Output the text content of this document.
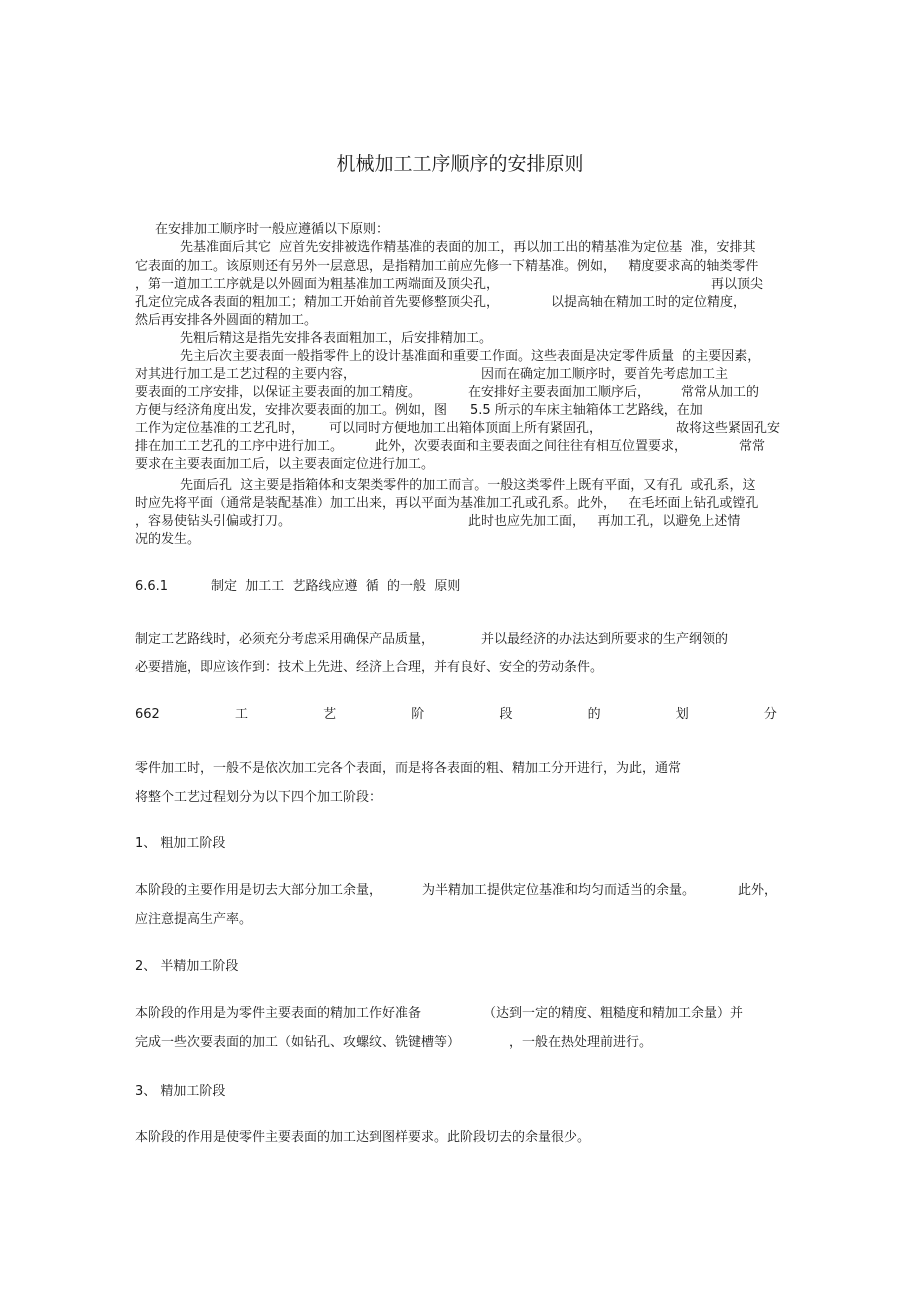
机械加工工序顺序的安排原则
在安排加工顺序时一般应遵循以下原则：
先基准面后其它  应首先安排被选作精基准的表面的加工，再以加工出的精基准为定位基  准，安排其
它表面的加工。该原则还有另外一层意思，是指精加工前应先修一下精基准。例如，   精度要求高的轴类零件
，第一道加工工序就是以外圆面为粗基准加工两端面及顶尖孔，	再以顶尖
孔定位完成各表面的粗加工；精加工开始前首先要修整顶尖孔，	以提高轴在精加工时的定位精度，
然后再安排各外圆面的精加工。
先粗后精这是指先安排各表面粗加工，后安排精加工。
先主后次主要表面一般指零件上的设计基准面和重要工作面。这些表面是决定零件质量  的主要因素，
对其进行加工是工艺过程的主要内容，	因而在确定加工顺序时，要首先考虑加工主
要表面的工序安排，以保证主要表面的加工精度。	在安排好主要表面加工顺序后， 常常从加工的
方便与经济角度出发，安排次要表面的加工。例如，图 5.5 所示的车床主轴箱体工艺路线，在加
工作为定位基准的工艺孔时， 可以同时方便地加工出箱体顶面上所有紧固孔，	故将这些紧固孔安
排在加工工艺孔的工序中进行加工。 此外，次要表面和主要表面之间往往有相互位置要求，	常常
要求在主要表面加工后，以主要表面定位进行加工。
先面后孔  这主要是指箱体和支架类零件的加工而言。一般这类零件上既有平面，又有孔  或孔系，这
时应先将平面（通常是装配基准）加工出来，再以平面为基准加工孔或孔系。此外，   在毛坯面上钻孔或镗孔
，容易使钻头引偏或打刀。	此时也应先加工面，   再加工孔，以避免上述情
况的发生。
6.6.1	制定  加工工  艺路线应遵  循  的一般  原则
制定工艺路线时，必须充分考虑采用确保产品质量，	并以最经济的办法达到所要求的生产纲领的
必要措施，即应该作到：技术上先进、经济上合理，并有良好、安全的劳动条件。
662	工	艺	阶	段	的	划	分
零件加工时，一般不是依次加工完各个表面，而是将各表面的粗、精加工分开进行，为此，通常
将整个工艺过程划分为以下四个加工阶段：
1、 粗加工阶段
本阶段的主要作用是切去大部分加工余量，	为半精加工提供定位基准和均匀而适当的余量。	此外，
应注意提高生产率。
2、 半精加工阶段
本阶段的作用是为零件主要表面的精加工作好准备	（达到一定的精度、粗糙度和精加工余量）并
完成一些次要表面的加工（如钻孔、攻螺纹、铣键槽等）	，一般在热处理前进行。
3、 精加工阶段
本阶段的作用是使零件主要表面的加工达到图样要求。此阶段切去的余量很少。
